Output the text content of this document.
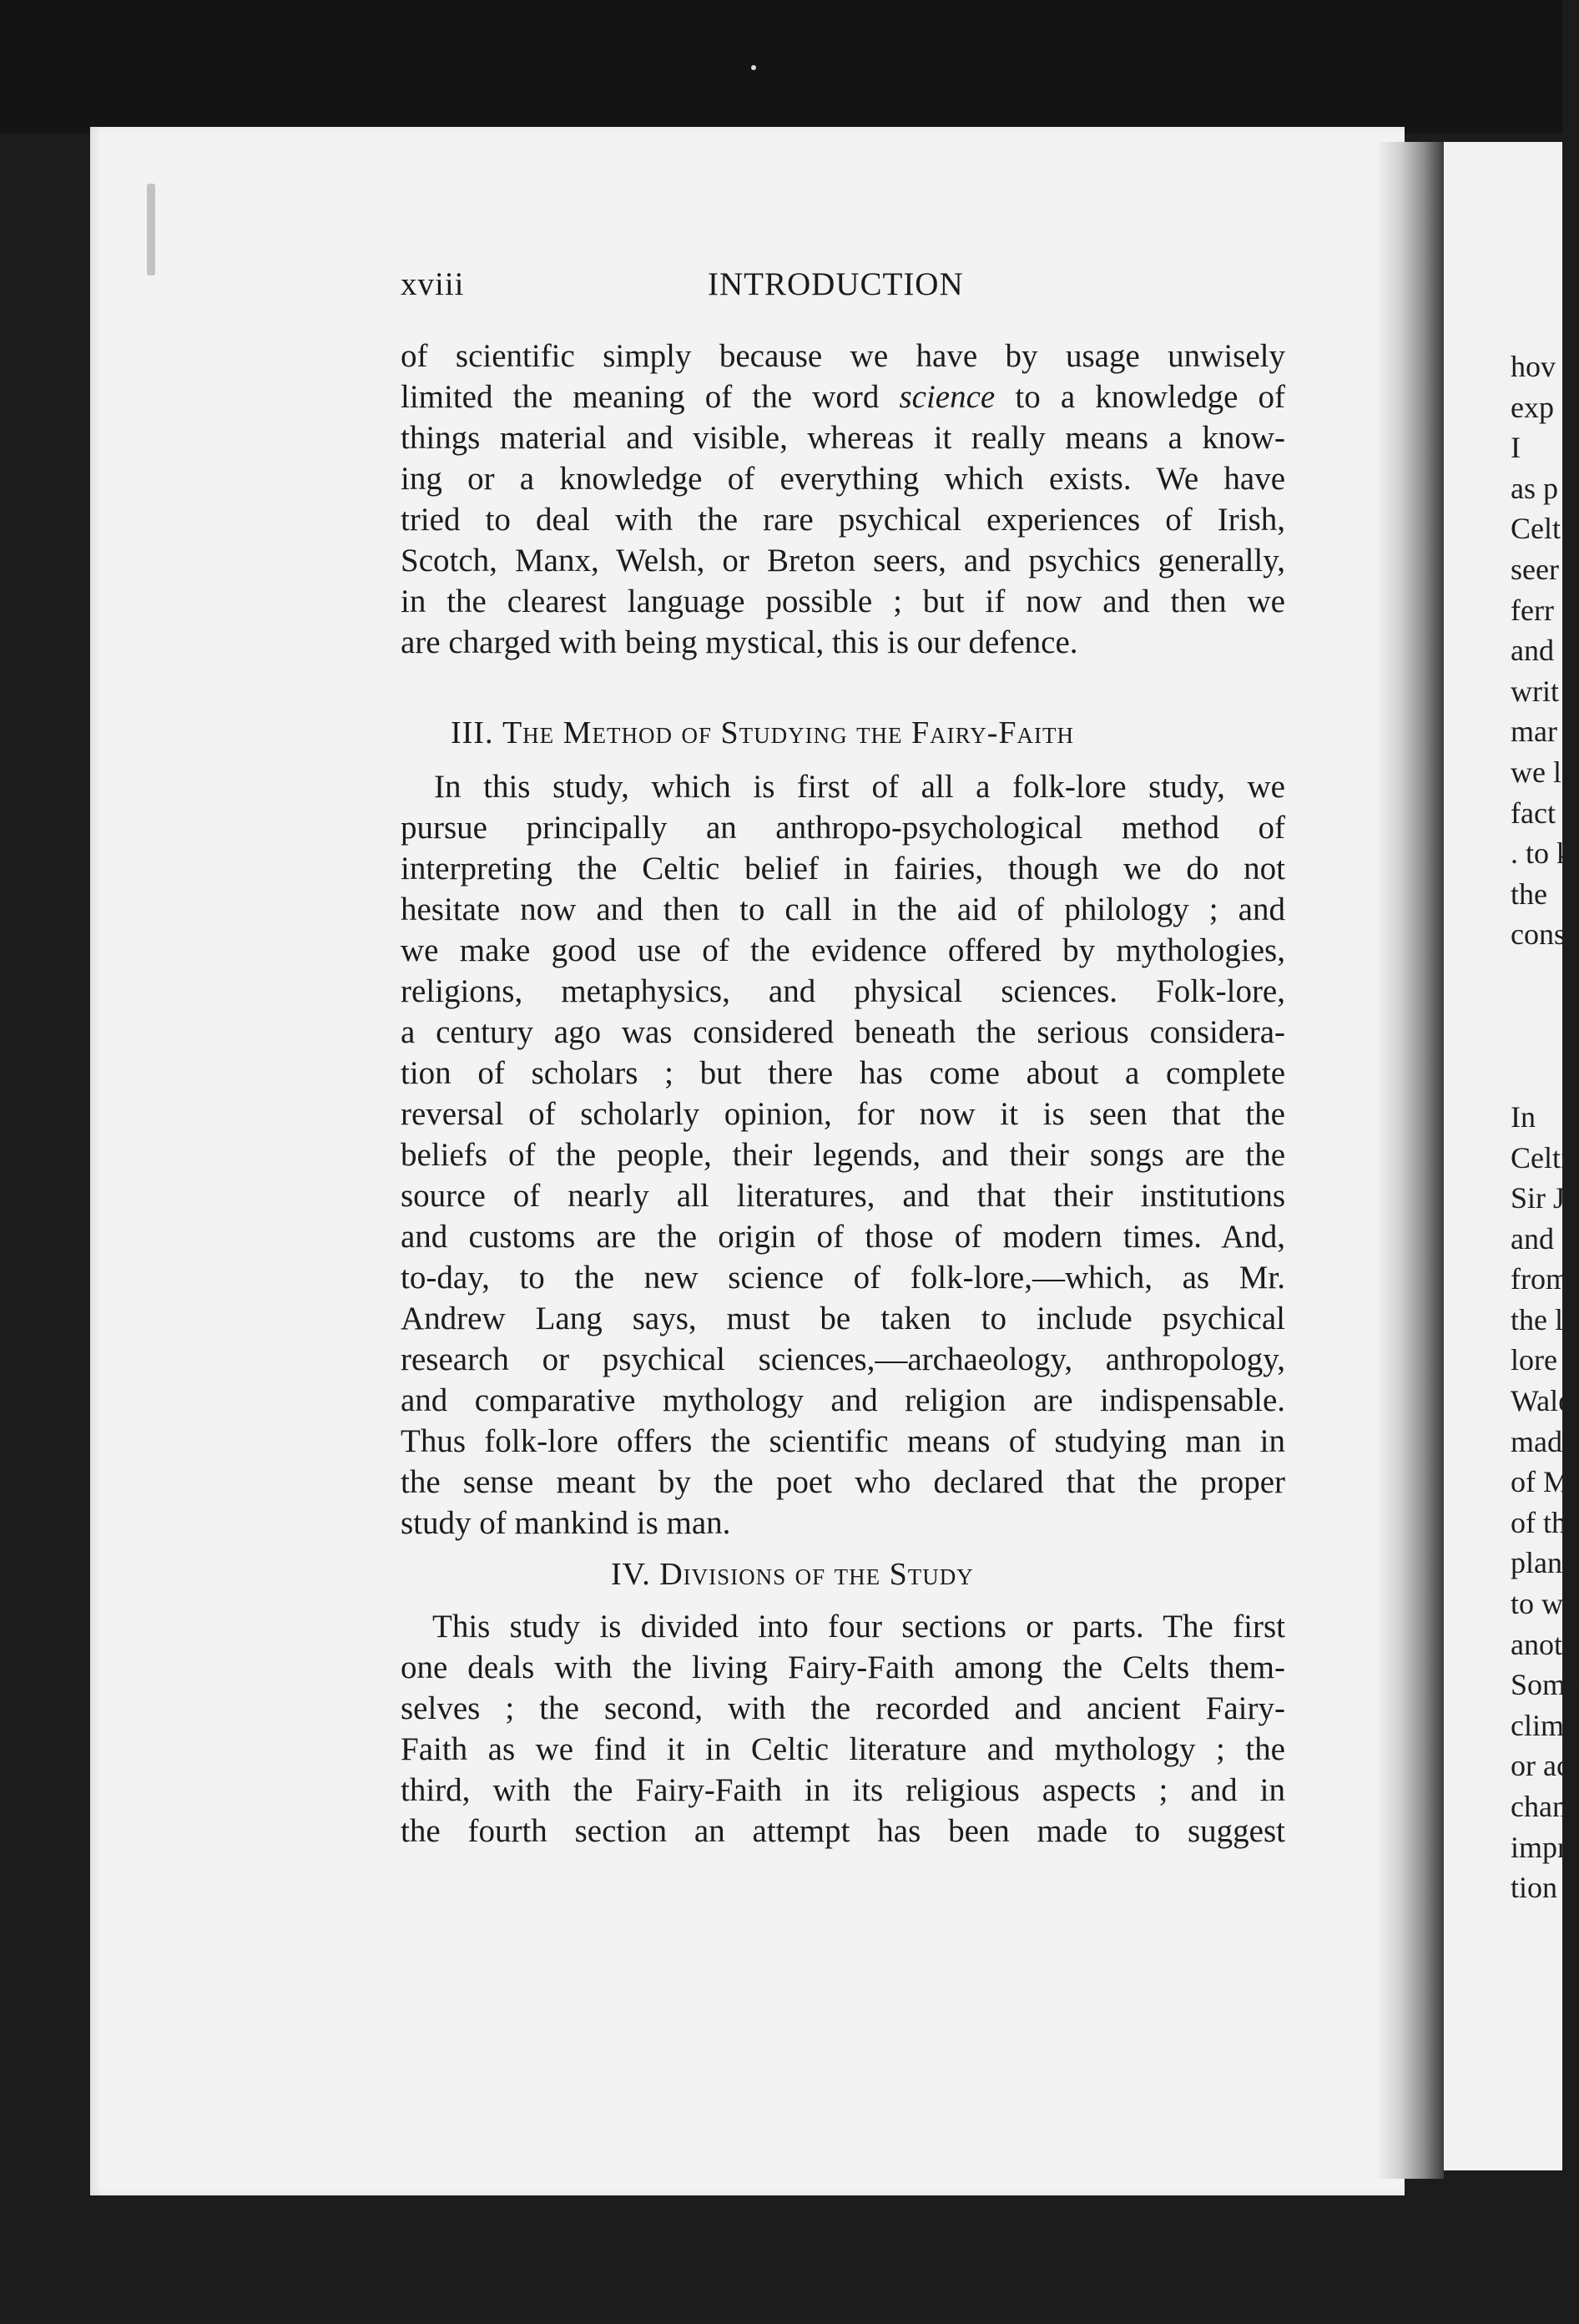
xviii	INTRODUCTION
of scientific simply because we have by usage unwisely
limited the meaning of the word science to a knowledge of
things material and visible, whereas it really means a know-
ing or a knowledge of everything which exists. We have
tried to deal with the rare psychical experiences of Irish,
Scotch, Manx, Welsh, or Breton seers, and psychics generally,
in the clearest language possible ; but if now and then we
are charged with being mystical, this is our defence.
III. The Method of Studying the Fairy-Faith
In this study, which is first of all a folk-lore study, we
pursue principally an anthropo-psychological method of
interpreting the Celtic belief in fairies, though we do not
hesitate now and then to call in the aid of philology ; and
we make good use of the evidence offered by mythologies,
religions, metaphysics, and physical sciences. Folk-lore,
a century ago was considered beneath the serious considera-
tion of scholars ; but there has come about a complete
reversal of scholarly opinion, for now it is seen that the
beliefs of the people, their legends, and their songs are the
source of nearly all literatures, and that their institutions
and customs are the origin of those of modern times. And,
to-day, to the new science of folk-lore,—which, as Mr.
Andrew Lang says, must be taken to include psychical
research or psychical sciences,—archaeology, anthropology,
and comparative mythology and religion are indispensable.
Thus folk-lore offers the scientific means of studying man in
the sense meant by the poet who declared that the proper
study of mankind is man.
IV. Divisions of the Study
This study is divided into four sections or parts. The first
one deals with the living Fairy-Faith among the Celts them-
selves ; the second, with the recorded and ancient Fairy-
Faith as we find it in Celtic literature and mythology ; the
third, with the Fairy-Faith in its religious aspects ; and in
the fourth section an attempt has been made to suggest
hov
exp
I
as p
Celt
seer
ferr
and
writ
mar
we l
fact
. to k
the
cons
In
Celti
Sir J
and
from
the l
lore
Wale
made
of M
of th
plan
to w
anot
Some
climl
or ac
chan
impr
tion
